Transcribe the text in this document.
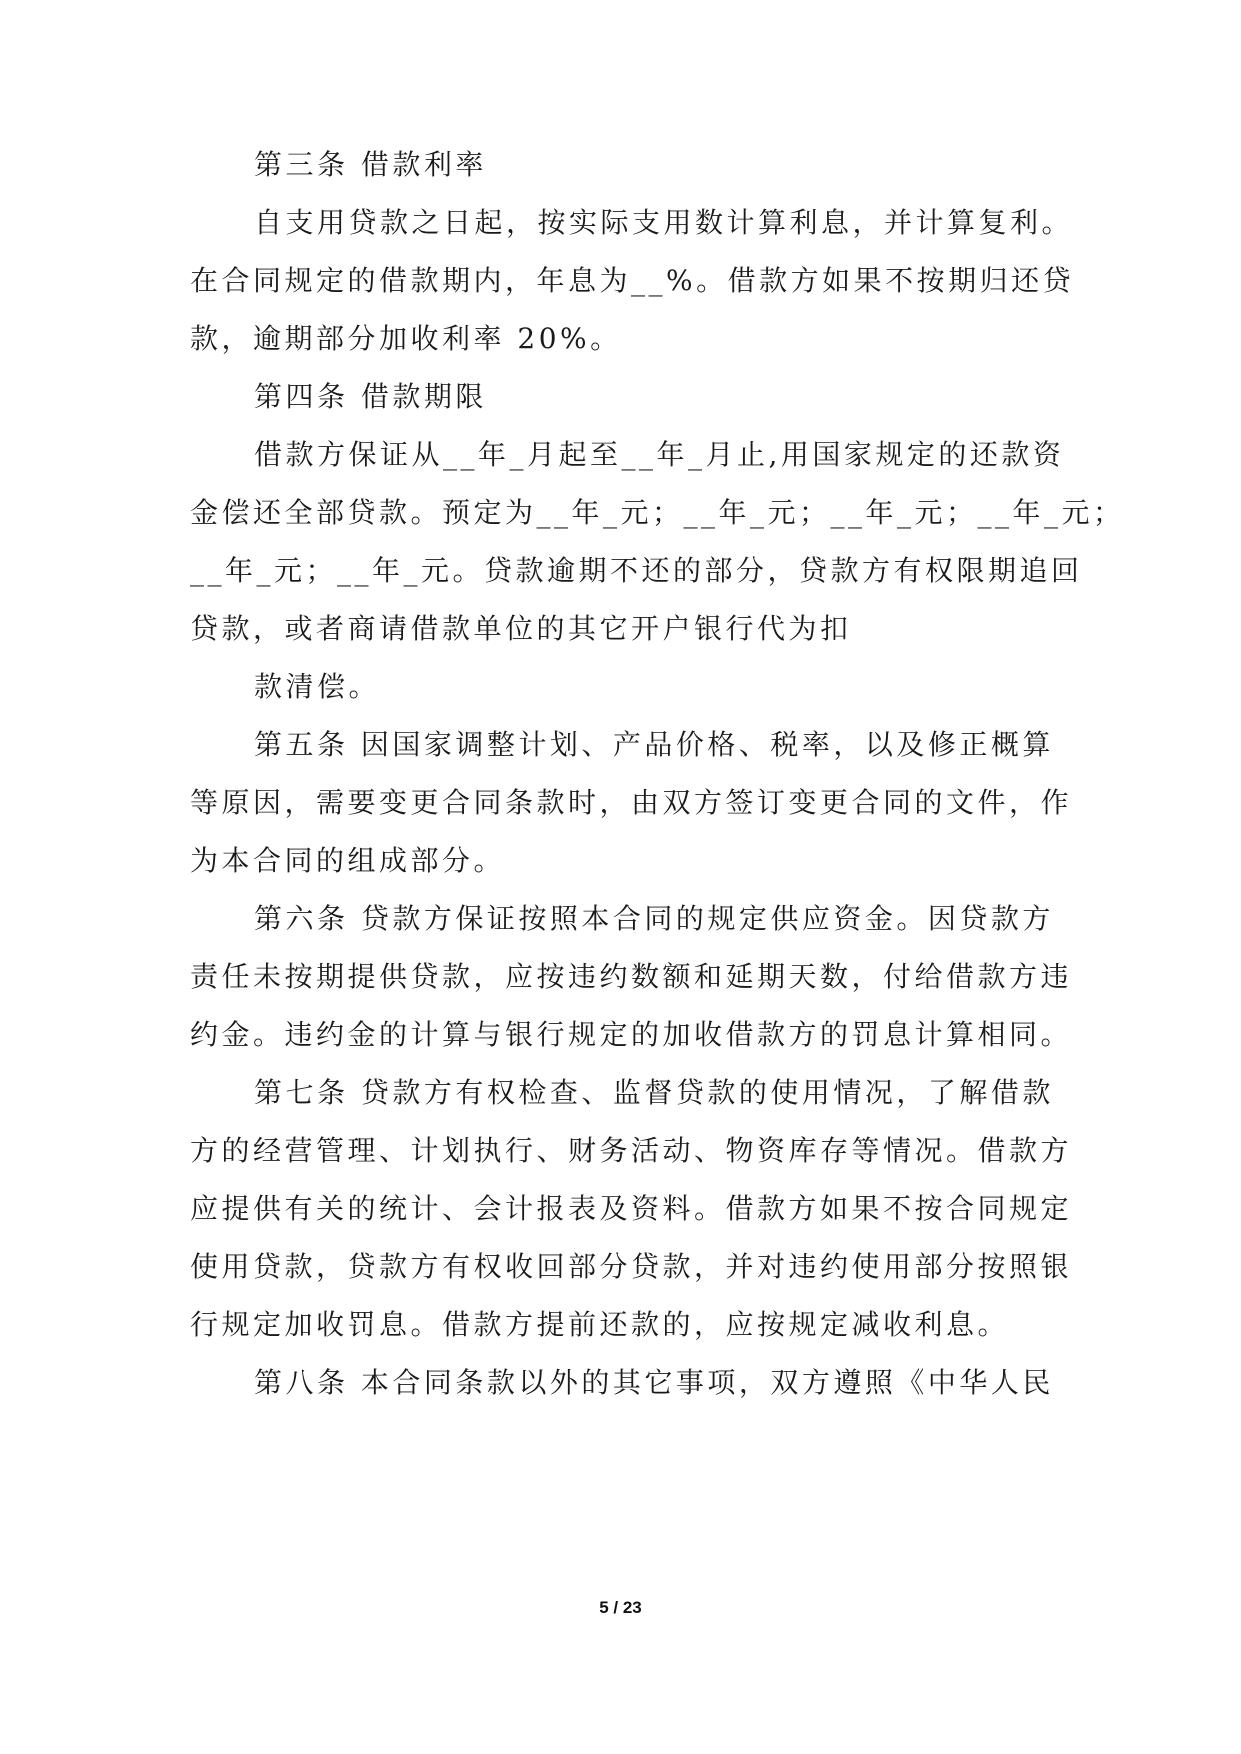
第三条 借款利率
自支用贷款之日起，按实际支用数计算利息，并计算复利。
在合同规定的借款期内，年息为__%。借款方如果不按期归还贷
款，逾期部分加收利率 20%。
第四条 借款期限
借款方保证从__年_月起至__年_月止,用国家规定的还款资
金偿还全部贷款。预定为__年_元；__年_元；__年_元；__年_元；
__年_元；__年_元。贷款逾期不还的部分，贷款方有权限期追回
贷款，或者商请借款单位的其它开户银行代为扣
款清偿。
第五条 因国家调整计划、产品价格、税率，以及修正概算
等原因，需要变更合同条款时，由双方签订变更合同的文件，作
为本合同的组成部分。
第六条 贷款方保证按照本合同的规定供应资金。因贷款方
责任未按期提供贷款，应按违约数额和延期天数，付给借款方违
约金。违约金的计算与银行规定的加收借款方的罚息计算相同。
第七条 贷款方有权检查、监督贷款的使用情况，了解借款
方的经营管理、计划执行、财务活动、物资库存等情况。借款方
应提供有关的统计、会计报表及资料。借款方如果不按合同规定
使用贷款，贷款方有权收回部分贷款，并对违约使用部分按照银
行规定加收罚息。借款方提前还款的，应按规定减收利息。
第八条 本合同条款以外的其它事项，双方遵照《中华人民
5 / 23
